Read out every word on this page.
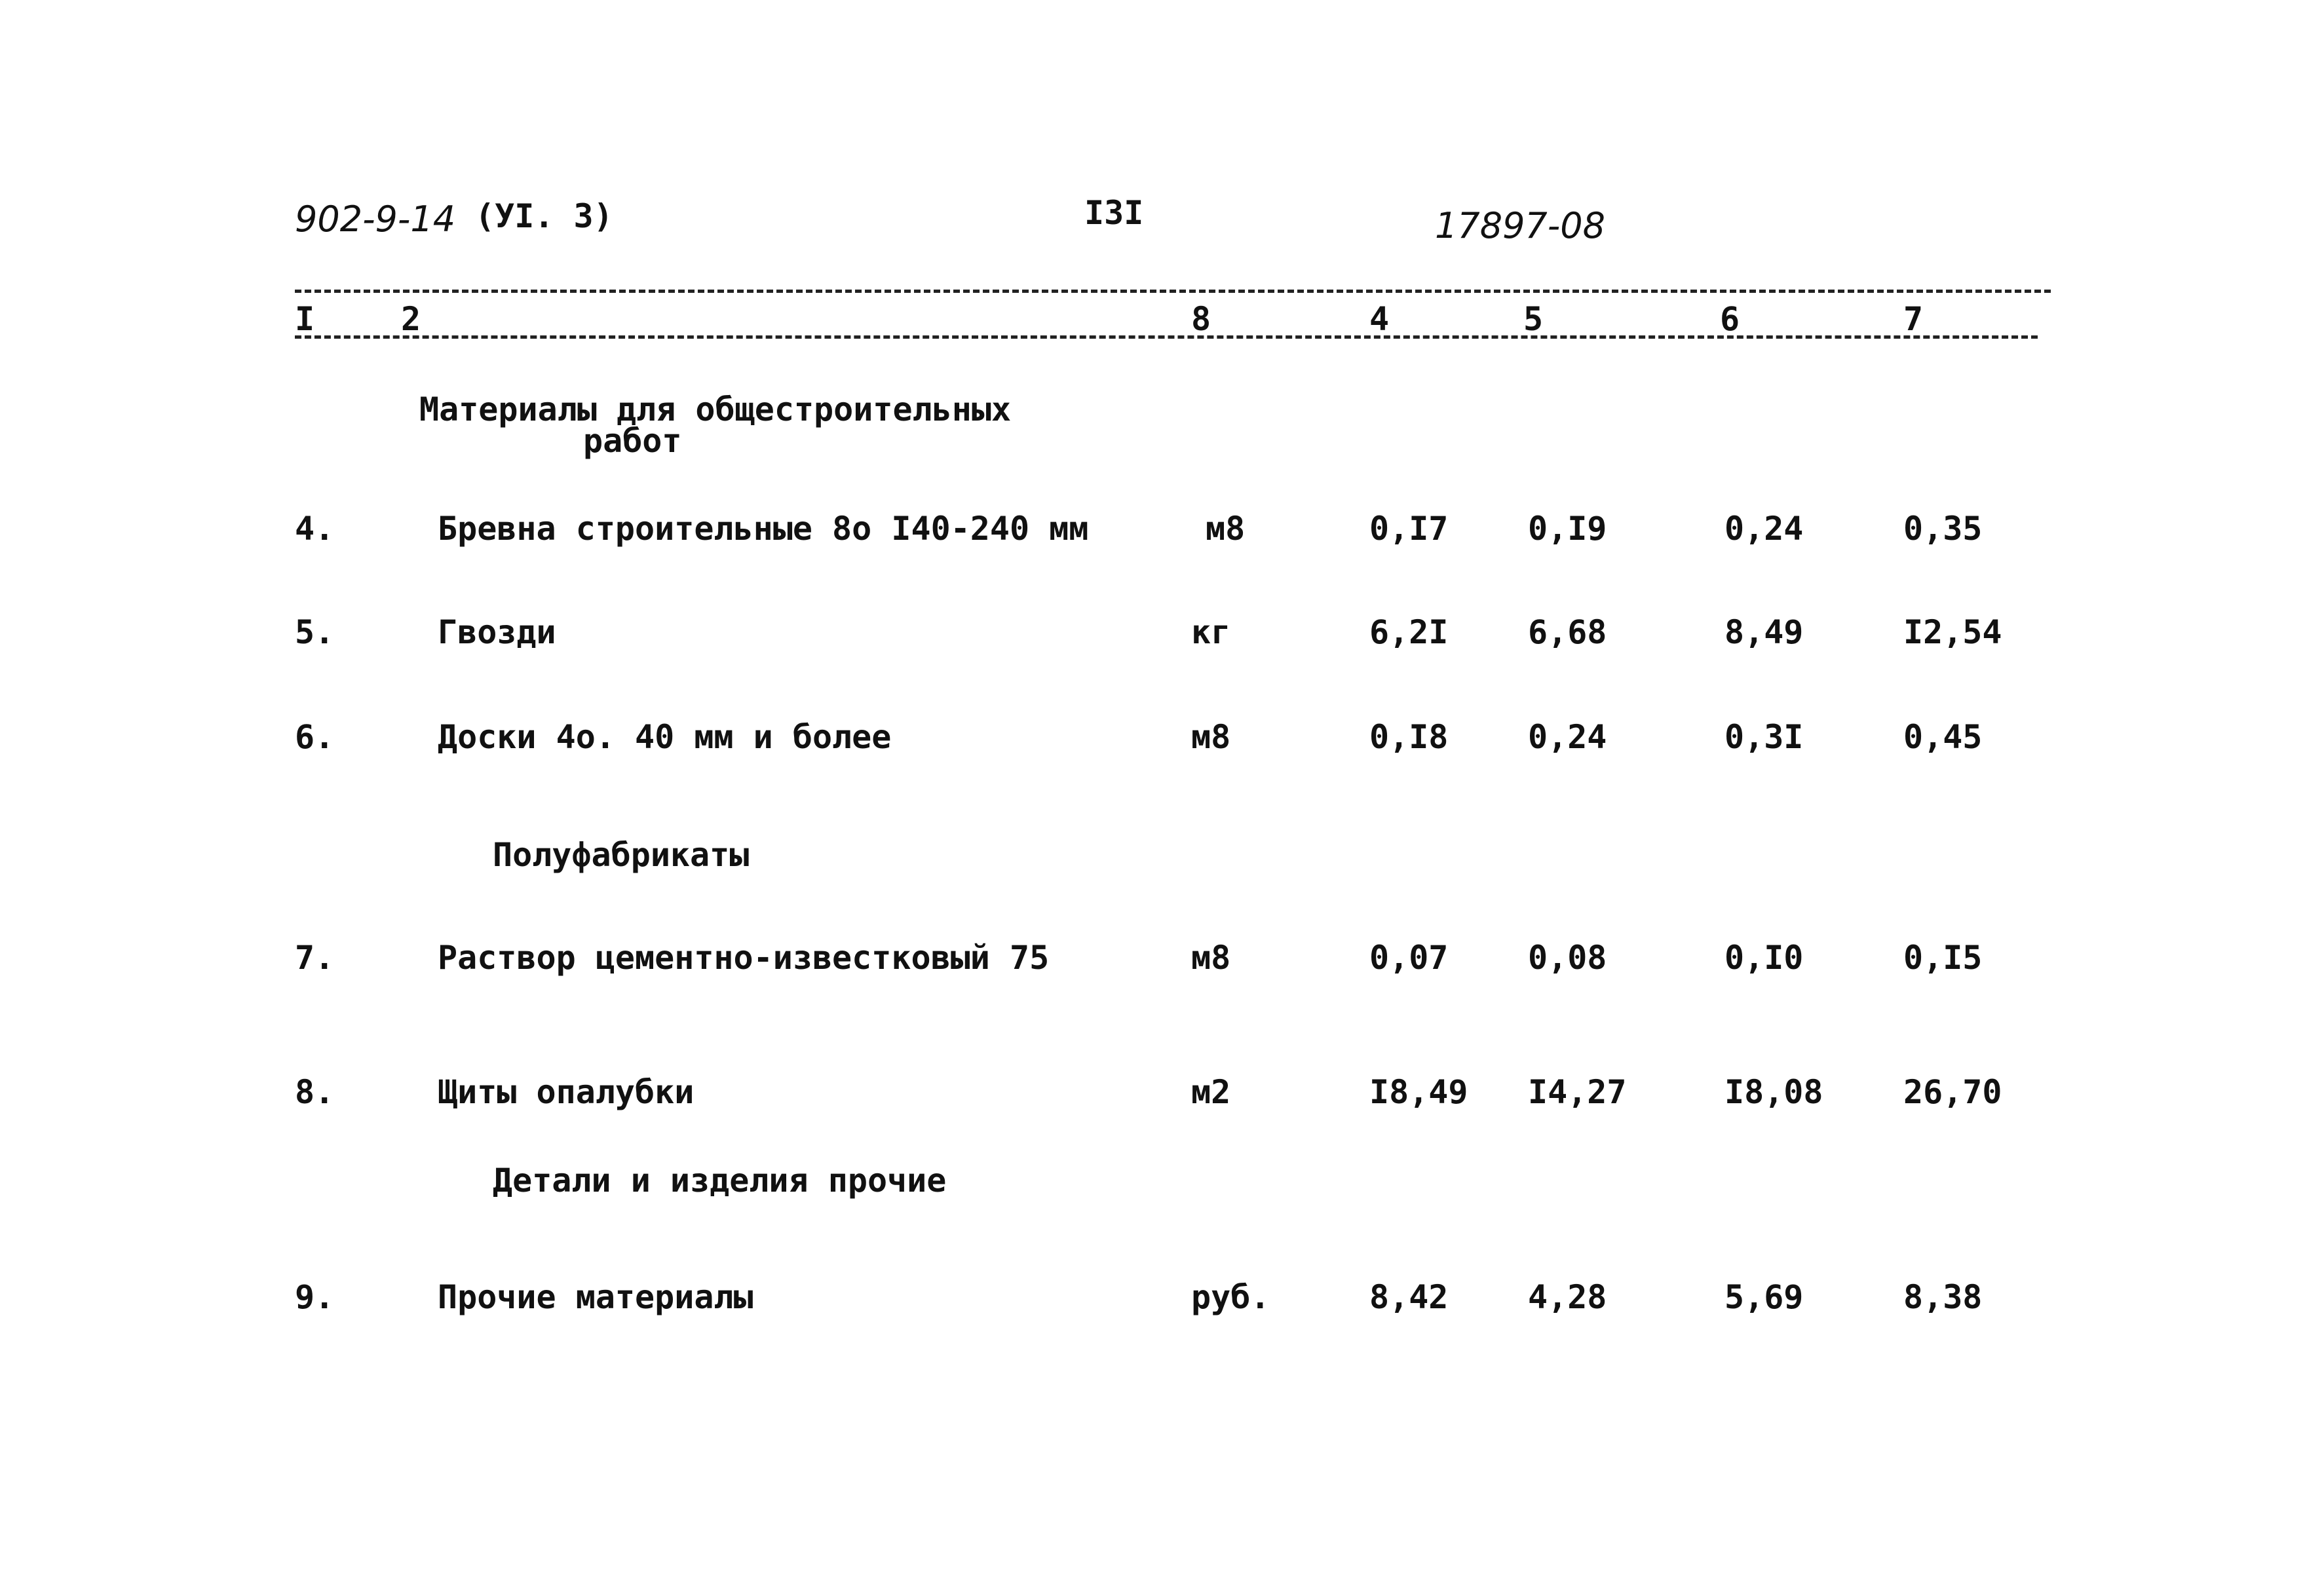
902-9-14 (УI. 3)	I3I	17897-08
I	2	8	4	5	6	7
Материалы для общестроительных
работ
4.	Бревна строительные 8о I40-240 мм	м8	0,I7 0,I9	0,24	0,35
5.	Гвозди	кг	6,2I 6,68	8,49	I2,54
6.	Доски 4о. 40 мм и более	м8	0,I8 0,24	0,3I	0,45
Полуфабрикаты
7.	Раствор цементно-известковый 75	м8	0,07 0,08	0,I0	0,I5
8.	Щиты опалубки	м2	I8,49 I4,27	I8,08 26,70
Детали и изделия прочие
9.	Прочие материалы	руб.	8,42 4,28	5,69	8,38
